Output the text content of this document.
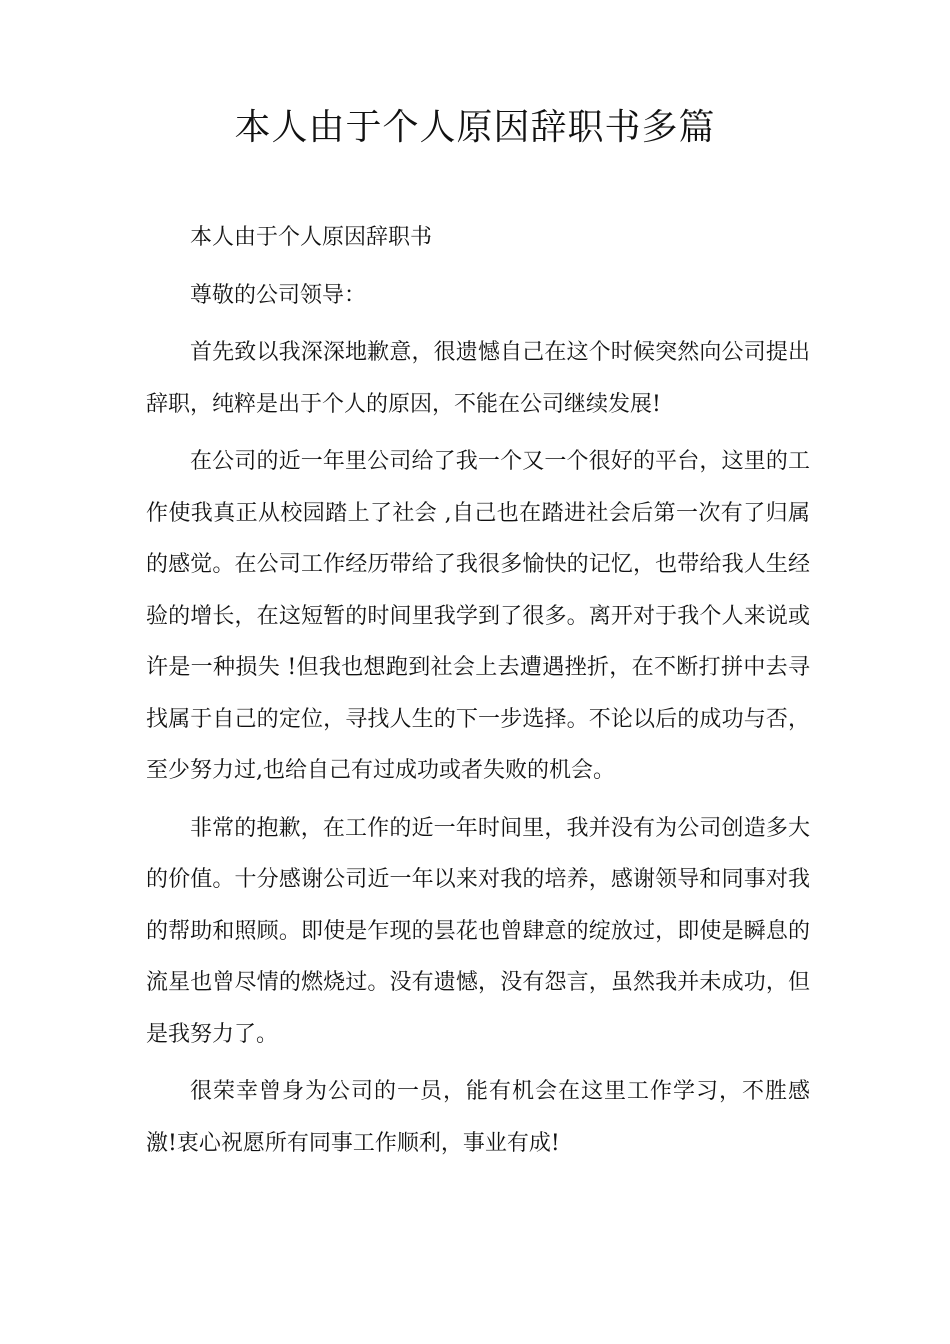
本人由于个人原因辞职书多篇

本人由于个人原因辞职书

尊敬的公司领导：

首先致以我深深地歉意，很遗憾自己在这个时候突然向公司提出辞职，纯粹是出于个人的原因，不能在公司继续发展!

在公司的近一年里公司给了我一个又一个很好的平台，这里的工作使我真正从校园踏上了社会 ,自己也在踏进社会后第一次有了归属的感觉。在公司工作经历带给了我很多愉快的记忆，也带给我人生经验的增长，在这短暂的时间里我学到了很多。离开对于我个人来说或许是一种损失 !但我也想跑到社会上去遭遇挫折，在不断打拼中去寻找属于自己的定位，寻找人生的下一步选择。不论以后的成功与否，至少努力过,也给自己有过成功或者失败的机会。

非常的抱歉，在工作的近一年时间里，我并没有为公司创造多大的价值。十分感谢公司近一年以来对我的培养，感谢领导和同事对我的帮助和照顾。即使是乍现的昙花也曾肆意的绽放过，即使是瞬息的流星也曾尽情的燃烧过。没有遗憾，没有怨言，虽然我并未成功，但是我努力了。

很荣幸曾身为公司的一员，能有机会在这里工作学习，不胜感激!衷心祝愿所有同事工作顺利，事业有成!
